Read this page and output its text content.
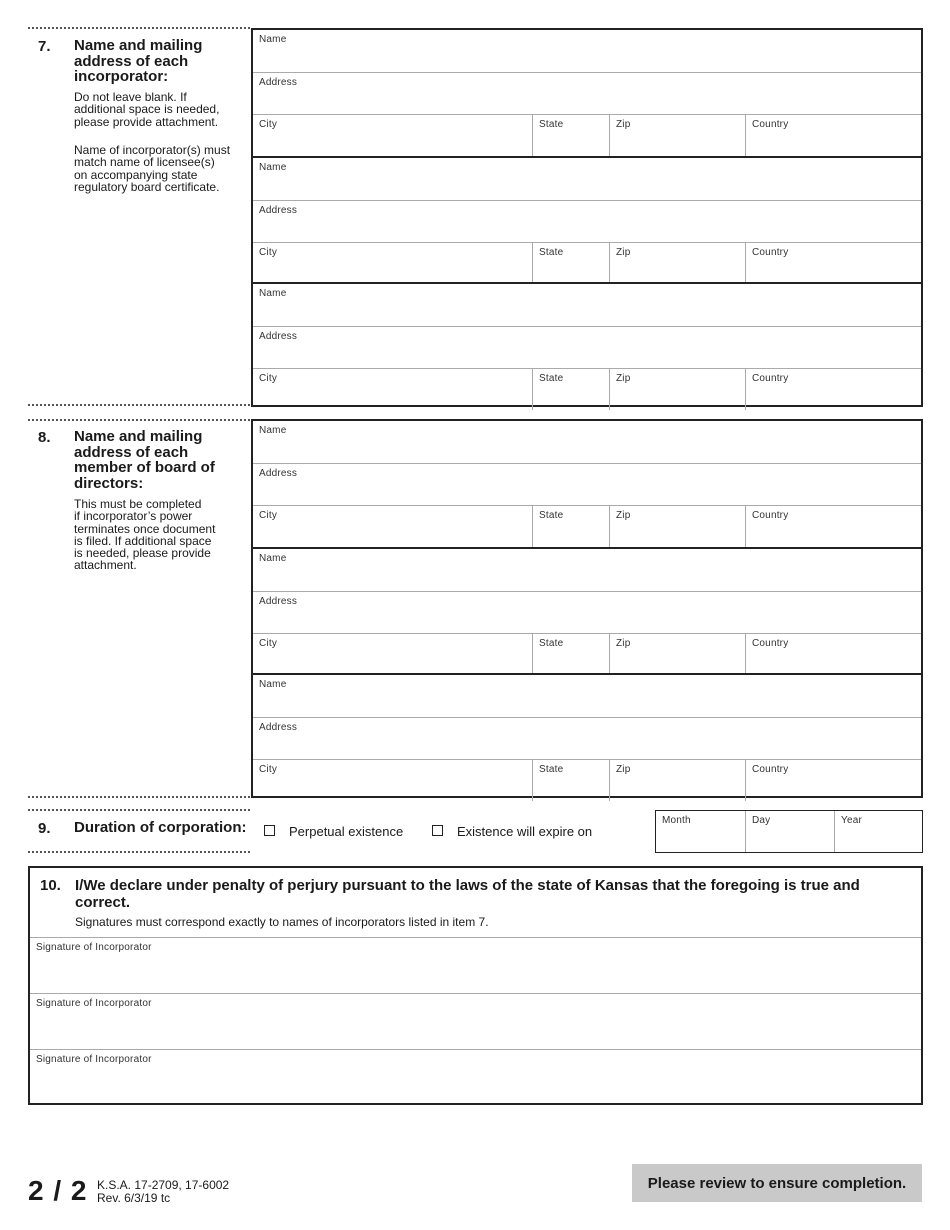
7. Name and mailing
address of each
incorporator:
Do not leave blank. If
additional space is needed,
please provide attachment.
Name of incorporator(s) must
match name of licensee(s)
on accompanying state
regulatory board certificate.
Name
Address
City	State	Zip	Country
Name
Address
City	State	Zip	Country
Name
Address
City	State	Zip	Country
8. Name and mailing
address of each
member of board of
directors:
This must be completed
if incorporator’s power
terminates once document
is filed. If additional space
is needed, please provide
attachment.
Name
Address
City	State	Zip	Country
Name
Address
City	State	Zip	Country
Name
Address
City	State	Zip	Country
9. Duration of corporation:	Perpetual existence	Existence will expire on
Month	Day	Year
10. I/We declare under penalty of perjury pursuant to the laws of the state of Kansas that the foregoing is true and correct.
Signatures must correspond exactly to names of incorporators listed in item 7.
Signature of Incorporator
Signature of Incorporator
Signature of Incorporator
2 / 2 K.S.A. 17-2709, 17-6002
Rev. 6/3/19 tc
Please review to ensure completion.
